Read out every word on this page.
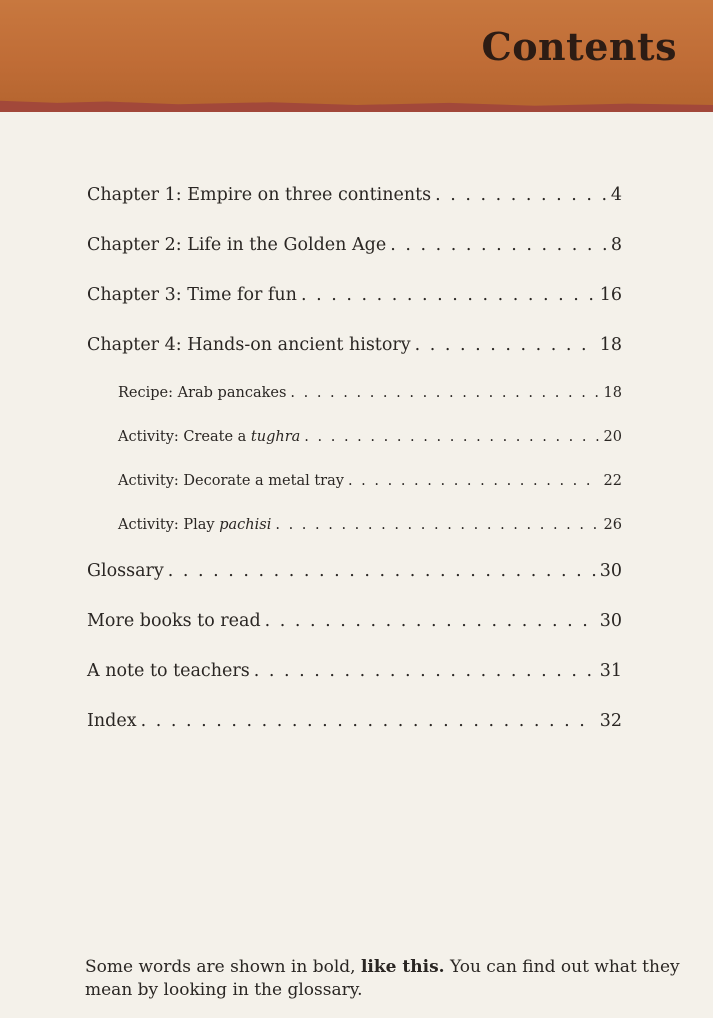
Contents
Chapter 1: Empire on three continents . . .	4
Chapter 2: Life in the Golden Age . . .	8
Chapter 3: Time for fun . . .	16
Chapter 4: Hands-on ancient history . . .	18
Recipe: Arab pancakes . . .	18
Activity: Create a tughra . . .	20
Activity: Decorate a metal tray . . .	22
Activity: Play pachisi . . .	26
Glossary . . .	30
More books to read . . .	30
A note to teachers . . .	31
Index . . .	32

Some words are shown in bold, like this. You can find out what they mean by looking in the glossary.
